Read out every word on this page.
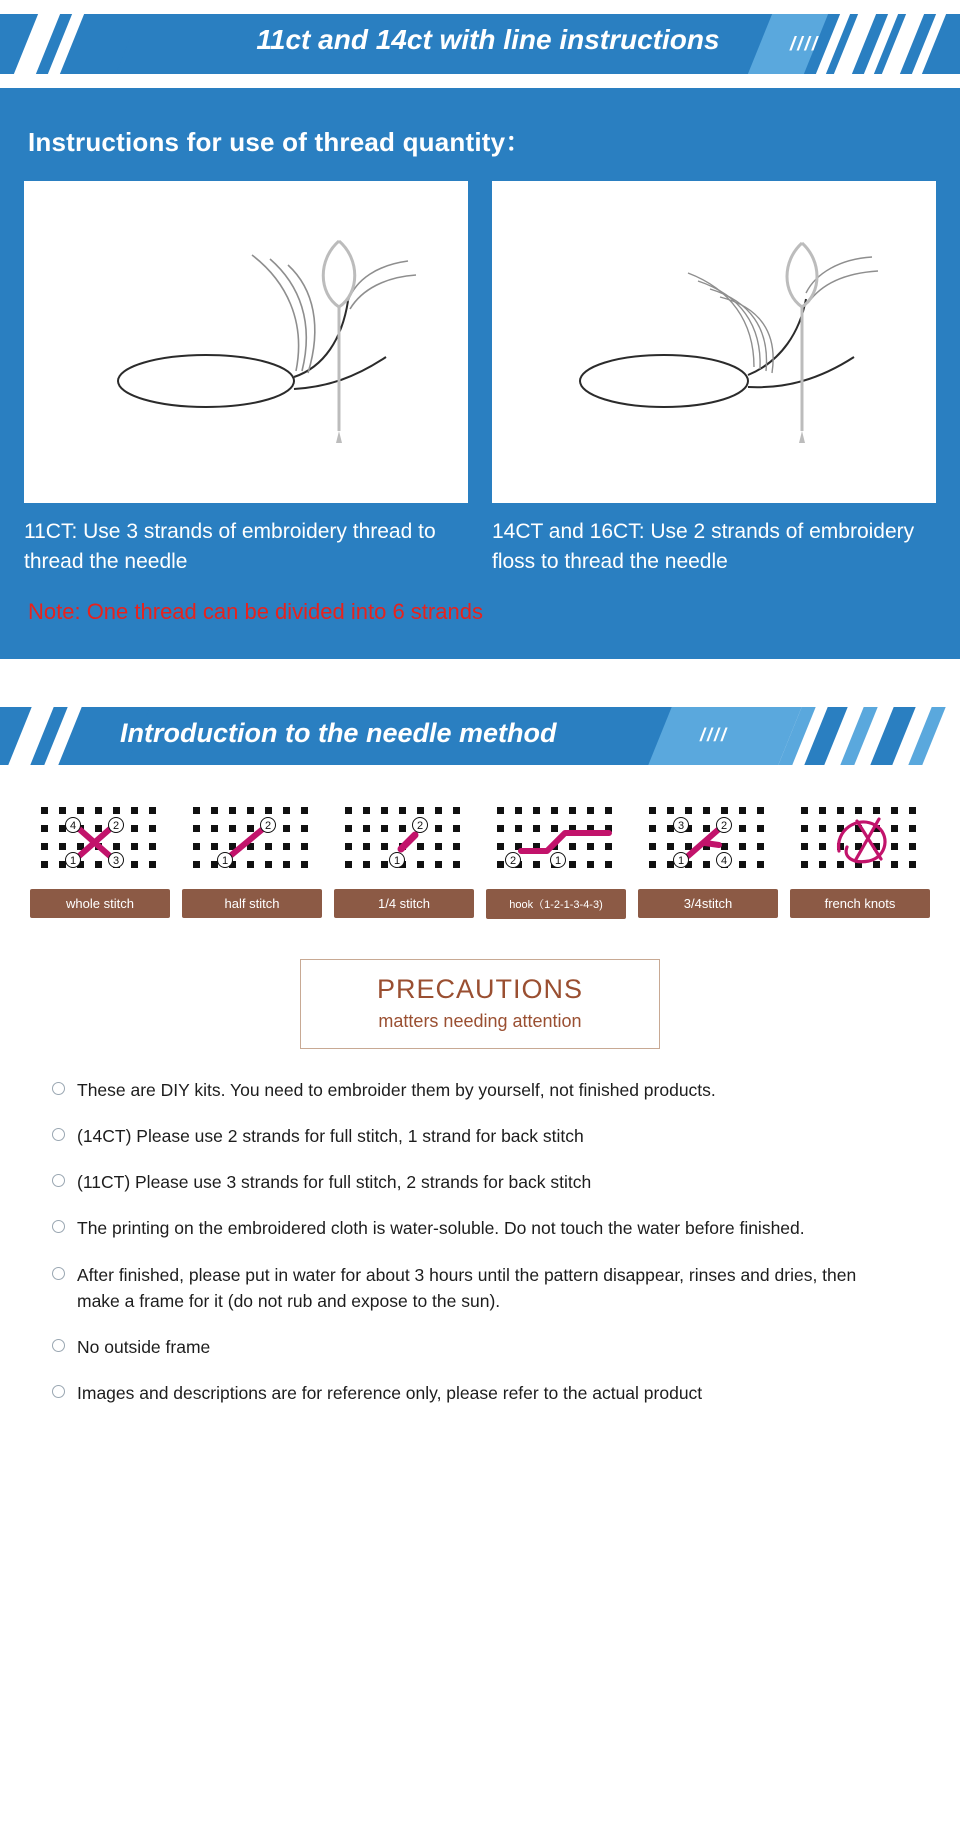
////
11ct and 14ct with line instructions
Instructions for use of thread quantity：
11CT: Use 3 strands of embroidery thread to thread the needle
14CT and 16CT: Use 2 strands of embroidery floss to thread the needle
Note: One thread can be divided into 6 strands
////
Introduction to the needle method
4	2
1	3
whole stitch
2
1
half stitch
2
1
1/4 stitch
2	1
hook（1-2-1-3-4-3)
3	2
1	4
3/4stitch	french knots
PRECAUTIONS
matters needing attention
These are DIY kits. You need to embroider them by yourself, not finished products.
(14CT) Please use 2 strands for full stitch, 1 strand for back stitch
(11CT) Please use 3 strands for full stitch, 2 strands for back stitch
The printing on the embroidered cloth is water-soluble. Do not touch the water before finished.
After finished, please put in water for about 3 hours until the pattern disappear, rinses and dries, then make a frame for it (do not rub and expose to the sun).
No outside frame
Images and descriptions are for reference only, please refer to the actual product
